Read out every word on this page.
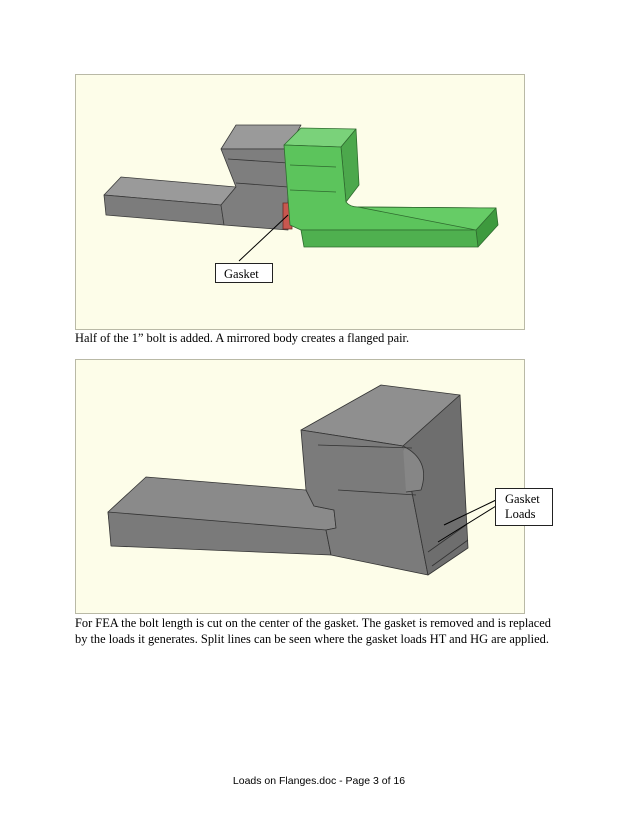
Gasket
Half of the 1” bolt is added. A mirrored body creates a flanged pair.
Gasket
Loads
For FEA the bolt length is cut on the center of the gasket. The gasket is removed and is replaced
by the loads it generates. Split lines can be seen where the gasket loads HT and HG are applied.
Loads on Flanges.doc - Page 3 of 16
